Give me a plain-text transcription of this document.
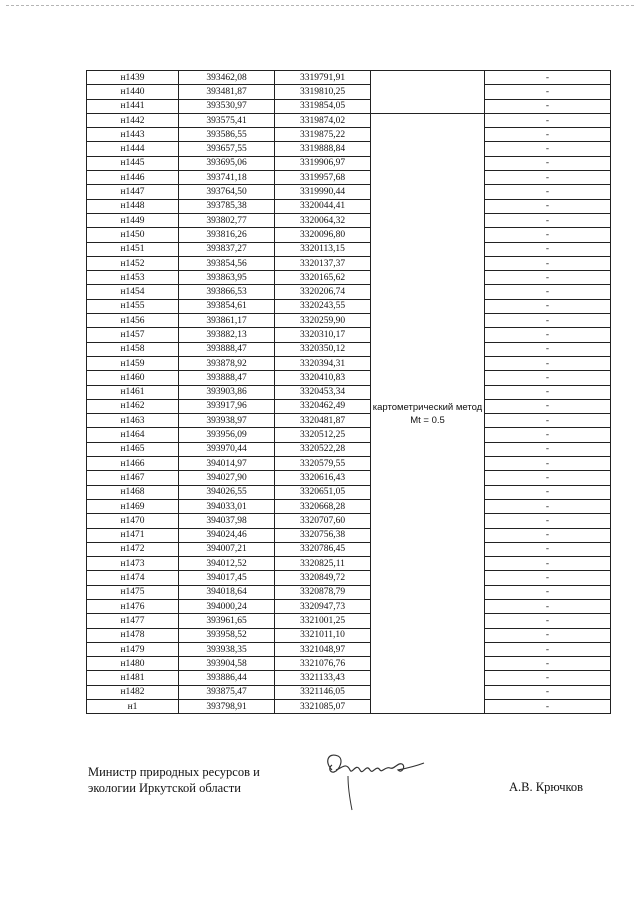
н1439	393462,08	3319791,91		-
н1440	393481,87	3319810,25		-
н1441	393530,97	3319854,05		-
н1442	393575,41	3319874,02	картометрический метод Mt = 0.5	-
н1443	393586,55	3319875,22		-
н1444	393657,55	3319888,84		-
н1445	393695,06	3319906,97		-
н1446	393741,18	3319957,68		-
н1447	393764,50	3319990,44		-
н1448	393785,38	3320044,41		-
н1449	393802,77	3320064,32		-
н1450	393816,26	3320096,80		-
н1451	393837,27	3320113,15		-
н1452	393854,56	3320137,37		-
н1453	393863,95	3320165,62		-
н1454	393866,53	3320206,74		-
н1455	393854,61	3320243,55		-
н1456	393861,17	3320259,90		-
н1457	393882,13	3320310,17		-
н1458	393888,47	3320350,12		-
н1459	393878,92	3320394,31		-
н1460	393888,47	3320410,83		-
н1461	393903,86	3320453,34		-
н1462	393917,96	3320462,49		-
н1463	393938,97	3320481,87		-
н1464	393956,09	3320512,25		-
н1465	393970,44	3320522,28		-
н1466	394014,97	3320579,55		-
н1467	394027,90	3320616,43		-
н1468	394026,55	3320651,05		-
н1469	394033,01	3320668,28		-
н1470	394037,98	3320707,60		-
н1471	394024,46	3320756,38		-
н1472	394007,21	3320786,45		-
н1473	394012,52	3320825,11		-
н1474	394017,45	3320849,72		-
н1475	394018,64	3320878,79		-
н1476	394000,24	3320947,73		-
н1477	393961,65	3321001,25		-
н1478	393958,52	3321011,10		-
н1479	393938,35	3321048,97		-
н1480	393904,58	3321076,76		-
н1481	393886,44	3321133,43		-
н1482	393875,47	3321146,05		-
н1	393798,91	3321085,07		-
Министр природных ресурсов и
экологии Иркутской области	А.В. Крючков
